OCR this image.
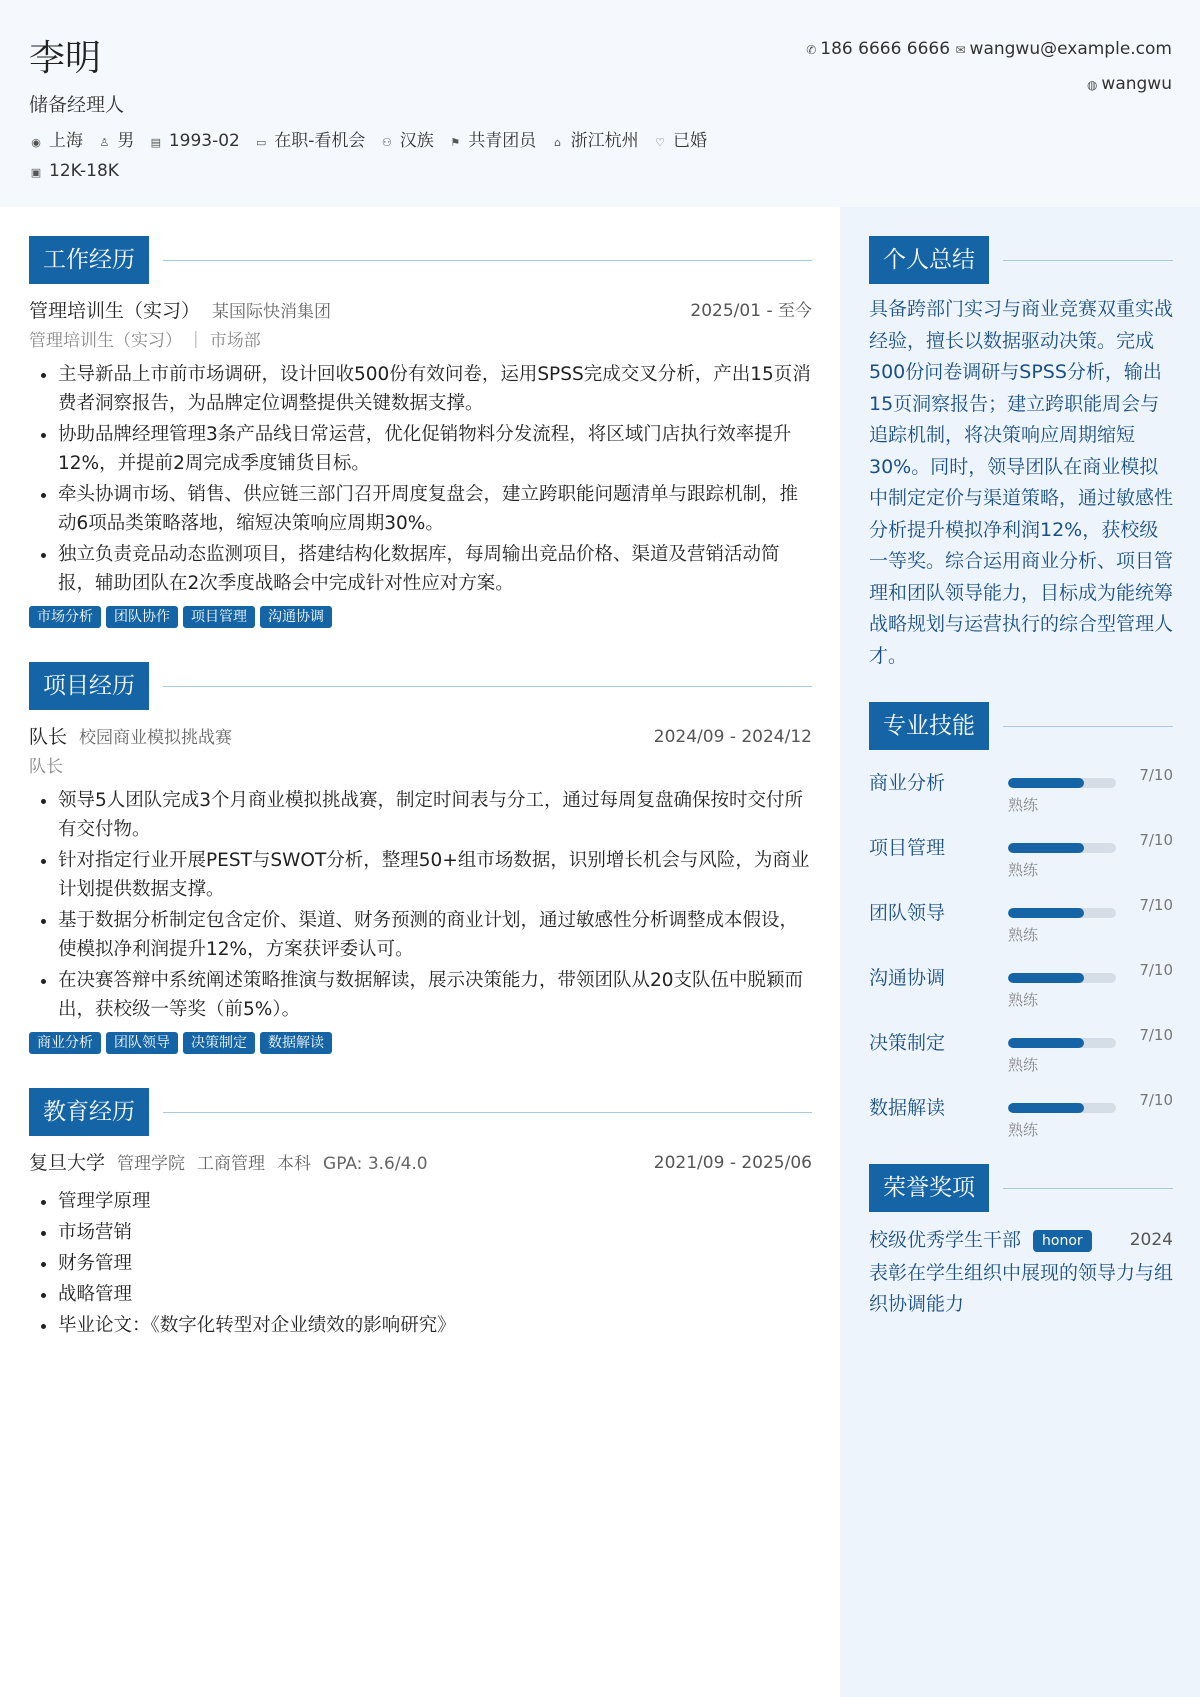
李明
储备经理人
◉ 上海 ♙ 男 ▤ 1993-02 ▭ 在职-看机会 ⚇ 汉族 ⚑ 共青团员 ⌂ 浙江杭州 ♡ 已婚
▣ 12K-18K
✆ 186 6666 6666 ✉ wangwu@example.com
◍ wangwu
工作经历
管理培训生（实习） 某国际快消集团	2025/01 - 至今
管理培训生（实习） ｜ 市场部
• 主导新品上市前市场调研，设计回收500份有效问卷，运用SPSS完成交叉分析，产出15页消费者洞察报告，为品牌定位调整提供关键数据支撑。
• 协助品牌经理管理3条产品线日常运营，优化促销物料分发流程，将区域门店执行效率提升12%，并提前2周完成季度铺货目标。
• 牵头协调市场、销售、供应链三部门召开周度复盘会，建立跨职能问题清单与跟踪机制，推动6项品类策略落地，缩短决策响应周期30%。
• 独立负责竞品动态监测项目，搭建结构化数据库，每周输出竞品价格、渠道及营销活动简报，辅助团队在2次季度战略会中完成针对性应对方案。
市场分析 团队协作 项目管理 沟通协调
项目经历
队长 校园商业模拟挑战赛	2024/09 - 2024/12
队长
• 领导5人团队完成3个月商业模拟挑战赛，制定时间表与分工，通过每周复盘确保按时交付所有交付物。
• 针对指定行业开展PEST与SWOT分析，整理50+组市场数据，识别增长机会与风险，为商业计划提供数据支撑。
• 基于数据分析制定包含定价、渠道、财务预测的商业计划，通过敏感性分析调整成本假设，使模拟净利润提升12%，方案获评委认可。
• 在决赛答辩中系统阐述策略推演与数据解读，展示决策能力，带领团队从20支队伍中脱颖而出，获校级一等奖（前5%）。
商业分析 团队领导 决策制定 数据解读
教育经历
复旦大学 管理学院 工商管理 本科 GPA: 3.6/4.0	2021/09 - 2025/06
• 管理学原理
• 市场营销
• 财务管理
• 战略管理
• 毕业论文：《数字化转型对企业绩效的影响研究》
个人总结
具备跨部门实习与商业竞赛双重实战经验，擅长以数据驱动决策。完成500份问卷调研与SPSS分析，输出15页洞察报告；建立跨职能周会与追踪机制，将决策响应周期缩短30%。同时，领导团队在商业模拟中制定定价与渠道策略，通过敏感性分析提升模拟净利润12%，获校级一等奖。综合运用商业分析、项目管理和团队领导能力，目标成为能统筹战略规划与运营执行的综合型管理人才。
专业技能
商业分析	7/10
熟练
项目管理	7/10
熟练
团队领导	7/10
熟练
沟通协调	7/10
熟练
决策制定	7/10
熟练
数据解读	7/10
熟练
荣誉奖项
校级优秀学生干部 honor	2024
表彰在学生组织中展现的领导力与组织协调能力
